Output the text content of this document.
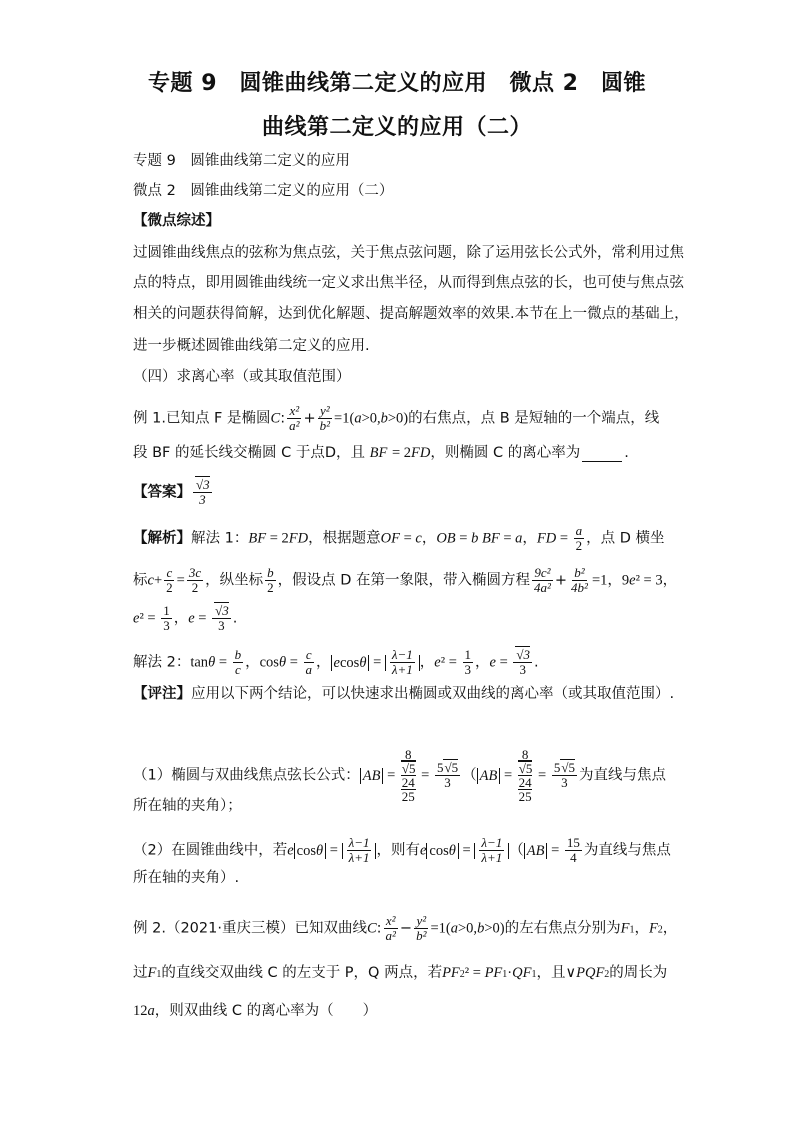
专题 9　圆锥曲线第二定义的应用　微点 2　圆锥
曲线第二定义的应用（二）
专题 9　圆锥曲线第二定义的应用
微点 2　圆锥曲线第二定义的应用（二）
【微点综述】
过圆锥曲线焦点的弦称为焦点弦，关于焦点弦问题，除了运用弦长公式外，常利用过焦
点的特点，即用圆锥曲线统一定义求出焦半径，从而得到焦点弦的长，也可使与焦点弦
相关的问题获得简解，达到优化解题、提高解题效率的效果.本节在上一微点的基础上，
进一步概述圆锥曲线第二定义的应用.
（四）求离心率（或其取值范围）
例 1.已知点 F 是椭圆C: $\frac{\text{x²}}{\text{a²}} + \frac{\text{y²}}{\text{b²}} =1(a>0,b>0)$的右焦点，点 B 是短轴的一个端点，线
段 BF 的延长线交椭圆 C 于点D，且 BF = 2FD，则椭圆 C 的离心率为	.
【答案】 $\frac{√3}{3}$
【解析】解法 1：BF = 2FD，根据题意OF = c，OB = b BF = a，FD = $\frac{a}{2}$ ，点 D 横坐
标$c+ \frac{c}{2} = \frac{3c}{2}$ ，纵坐标 $\frac{b}{2}$ ，假设点 D 在第一象限，带入椭圆方程 $\frac{\text{9c²}}{\text{4a²}} + \frac{\text{b²}}{\text{4b²}} =1$，9e² = 3，
$e^2 = \frac{1}{3}$ ，$e = \frac{√3}{3}$ .
解法 2：$\tan\theta = \frac{b}{c}$ ，$\cos\theta = \frac{c}{a}$ ， $ecos\theta = \frac{\lambda-1}{\lambda+1}$ ，$e^2 = \frac{1}{3}$ ，$e = \frac{√3}{3}$ .
【评注】应用以下两个结论，可以快速求出椭圆或双曲线的离心率（或其取值范围）.
（1）椭圆与双曲线焦点弦长公式： AB =
8
√5
24
25
= $\frac{5√5}{3}$ （ AB =
8
√5
24
25
= $\frac{5√5}{3}$ 为直线与焦点
所在轴的夹角）；
（2）在圆锥曲线中，若e $\cos\theta = \frac{\lambda-1}{\lambda+1}$ ，则有e $\cos\theta = \frac{\lambda-1}{\lambda+1}$ （ AB = $\frac{15}{4}$ 为直线与焦点
所在轴的夹角）.
例 2.（2021·重庆三模）已知双曲线C: $\frac{\text{x²}}{\text{a²}} - \frac{\text{y²}}{\text{b²}} =1(a>0,b>0)$的左右焦点分别为F1，F2，
过F1的直线交双曲线 C 的左支于 P，Q 两点，若PF2² = PF1·QF1，且∨PQF2的周长为
12a，则双曲线 C 的离心率为（　　）
